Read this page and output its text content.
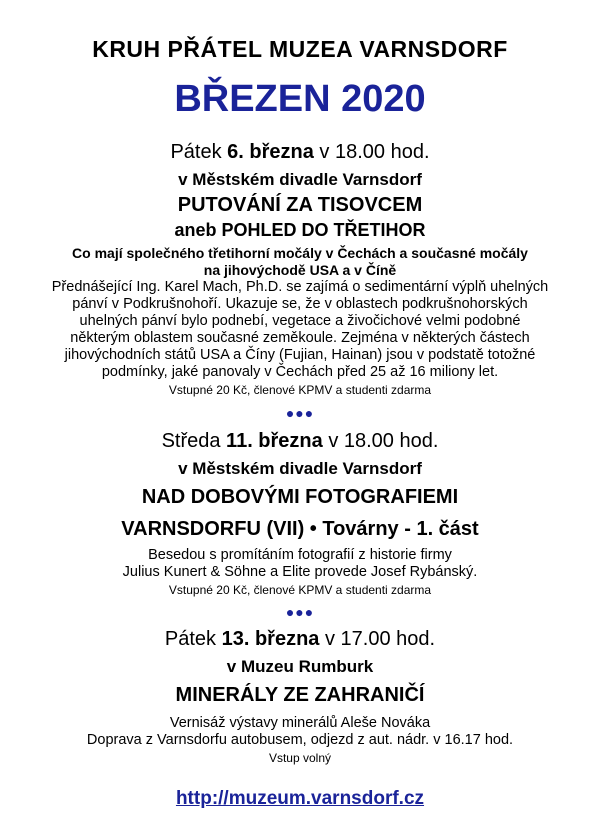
KRUH PŘÁTEL MUZEA VARNSDORF
BŘEZEN 2020
Pátek 6. března v 18.00 hod.
v Městském divadle Varnsdorf
PUTOVÁNÍ ZA TISOVCEM
aneb POHLED DO TŘETIHOR
Co mají společného třetihorní močály v Čechách a současné močály
na jihovýchodě USA a v Číně
Přednášející Ing. Karel Mach, Ph.D. se zajímá o sedimentární výplň uhelných
pánví v Podkrušnohoří. Ukazuje se, že v oblastech podkrušnohorských
uhelných pánví bylo podnebí, vegetace a živočichové velmi podobné
některým oblastem současné zeměkoule. Zejména v některých částech
jihovýchodních států USA a Číny (Fujian, Hainan) jsou v podstatě totožné
podmínky, jaké panovaly v Čechách před 25 až 16 miliony let.
Vstupné 20 Kč, členové KPMV a studenti zdarma
●●●
Středa 11. března v 18.00 hod.
v Městském divadle Varnsdorf
NAD DOBOVÝMI FOTOGRAFIEMI
VARNSDORFU (VII) • Továrny - 1. část
Besedou s promítáním fotografií z historie firmy
Julius Kunert & Söhne a Elite provede Josef Rybánský.
Vstupné 20 Kč, členové KPMV a studenti zdarma
●●●
Pátek 13. března v 17.00 hod.
v Muzeu Rumburk
MINERÁLY ZE ZAHRANIČÍ
Vernisáž výstavy minerálů Aleše Nováka
Doprava z Varnsdorfu autobusem, odjezd z aut. nádr. v 16.17 hod.
Vstup volný
http://muzeum.varnsdorf.cz
